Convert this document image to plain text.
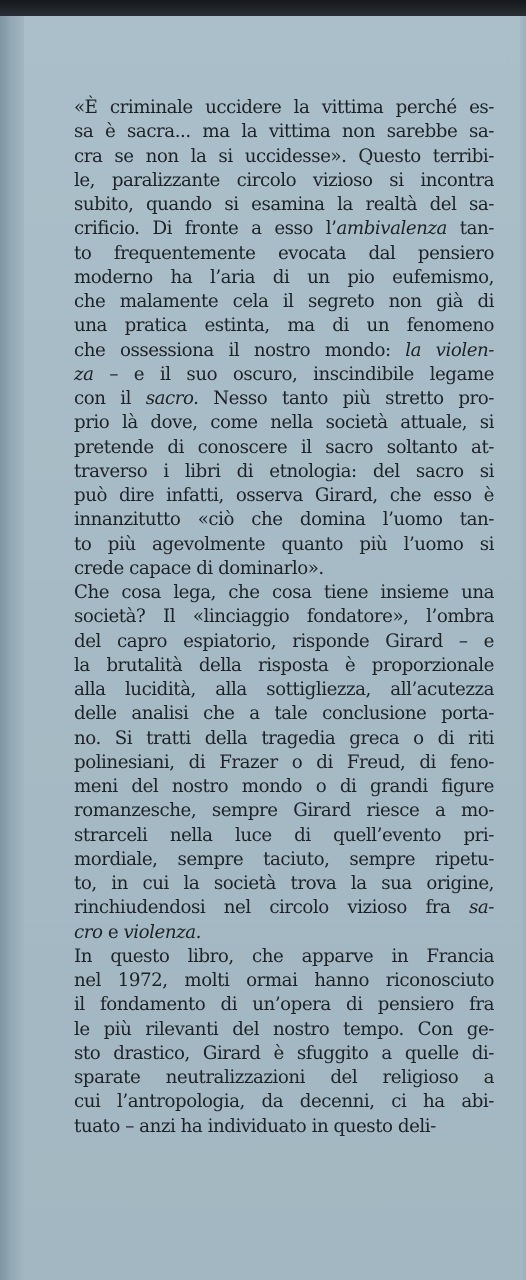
«È criminale uccidere la vittima perché es-
sa è sacra... ma la vittima non sarebbe sa-
cra se non la si uccidesse». Questo terribi-
le, paralizzante circolo vizioso si incontra
subito, quando si esamina la realtà del sa-
crificio. Di fronte a esso l’ambivalenza tan-
to frequentemente evocata dal pensiero
moderno ha l’aria di un pio eufemismo,
che malamente cela il segreto non già di
una pratica estinta, ma di un fenomeno
che ossessiona il nostro mondo: la violen-
za – e il suo oscuro, inscindibile legame
con il sacro. Nesso tanto più stretto pro-
prio là dove, come nella società attuale, si
pretende di conoscere il sacro soltanto at-
traverso i libri di etnologia: del sacro si
può dire infatti, osserva Girard, che esso è
innanzitutto «ciò che domina l’uomo tan-
to più agevolmente quanto più l’uomo si
crede capace di dominarlo».
Che cosa lega, che cosa tiene insieme una
società? Il «linciaggio fondatore», l’ombra
del capro espiatorio, risponde Girard – e
la brutalità della risposta è proporzionale
alla lucidità, alla sottigliezza, all’acutezza
delle analisi che a tale conclusione porta-
no. Si tratti della tragedia greca o di riti
polinesiani, di Frazer o di Freud, di feno-
meni del nostro mondo o di grandi figure
romanzesche, sempre Girard riesce a mo-
strarceli nella luce di quell’evento pri-
mordiale, sempre taciuto, sempre ripetu-
to, in cui la società trova la sua origine,
rinchiudendosi nel circolo vizioso fra sa-
cro e violenza.
In questo libro, che apparve in Francia
nel 1972, molti ormai hanno riconosciuto
il fondamento di un’opera di pensiero fra
le più rilevanti del nostro tempo. Con ge-
sto drastico, Girard è sfuggito a quelle di-
sparate neutralizzazioni del religioso a
cui l’antropologia, da decenni, ci ha abi-
tuato – anzi ha individuato in questo deli-
